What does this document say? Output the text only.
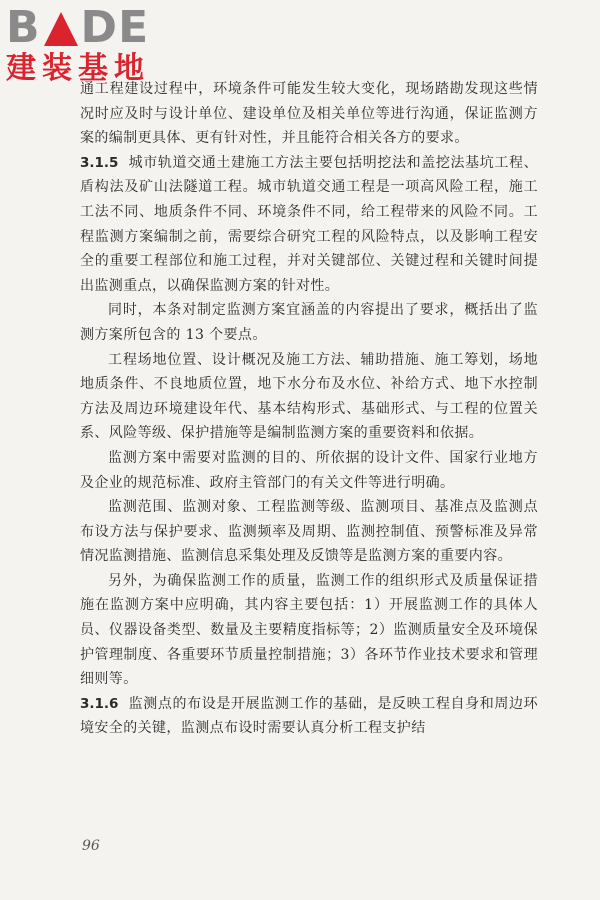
B DE
建装基地

通工程建设过程中，环境条件可能发生较大变化，现场踏勘发现这些情况时应及时与设计单位、建设单位及相关单位等进行沟通，保证监测方案的编制更具体、更有针对性，并且能符合相关各方的要求。

3.1.5 城市轨道交通土建施工方法主要包括明挖法和盖挖法基坑工程、盾构法及矿山法隧道工程。城市轨道交通工程是一项高风险工程，施工工法不同、地质条件不同、环境条件不同，给工程带来的风险不同。工程监测方案编制之前，需要综合研究工程的风险特点，以及影响工程安全的重要工程部位和施工过程，并对关键部位、关键过程和关键时间提出监测重点，以确保监测方案的针对性。

同时，本条对制定监测方案宜涵盖的内容提出了要求，概括出了监测方案所包含的 13 个要点。

工程场地位置、设计概况及施工方法、辅助措施、施工筹划，场地地质条件、不良地质位置，地下水分布及水位、补给方式、地下水控制方法及周边环境建设年代、基本结构形式、基础形式、与工程的位置关系、风险等级、保护措施等是编制监测方案的重要资料和依据。

监测方案中需要对监测的目的、所依据的设计文件、国家行业地方及企业的规范标准、政府主管部门的有关文件等进行明确。

监测范围、监测对象、工程监测等级、监测项目、基准点及监测点布设方法与保护要求、监测频率及周期、监测控制值、预警标准及异常情况监测措施、监测信息采集处理及反馈等是监测方案的重要内容。

另外，为确保监测工作的质量，监测工作的组织形式及质量保证措施在监测方案中应明确，其内容主要包括：1）开展监测工作的具体人员、仪器设备类型、数量及主要精度指标等；2）监测质量安全及环境保护管理制度、各重要环节质量控制措施；3）各环节作业技术要求和管理细则等。

3.1.6 监测点的布设是开展监测工作的基础，是反映工程自身和周边环境安全的关键，监测点布设时需要认真分析工程支护结

96
